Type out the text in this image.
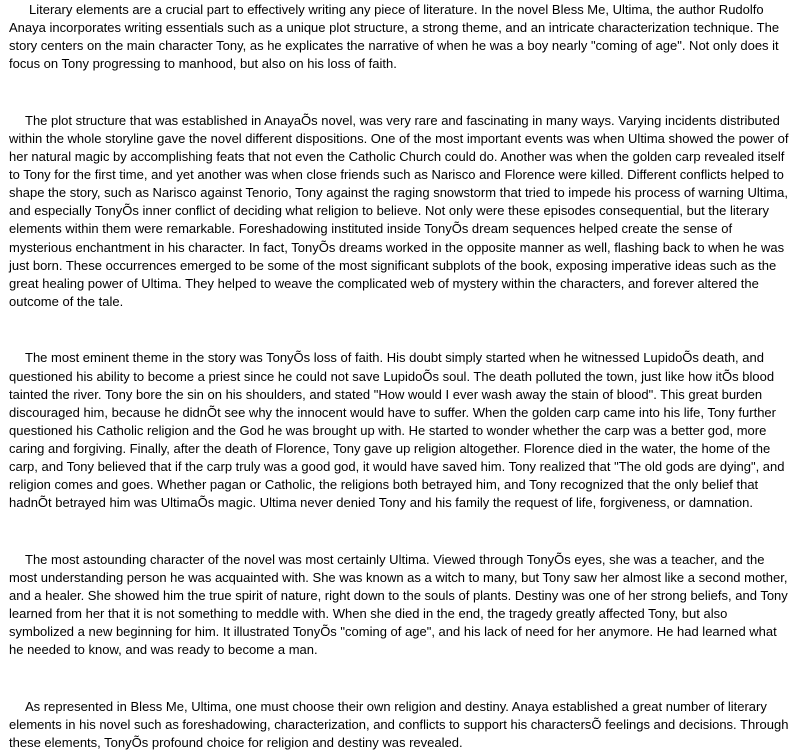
Literary elements are a crucial part to effectively writing any piece of literature. In the novel Bless Me, Ultima, the author Rudolfo Anaya incorporates writing essentials such as a unique plot structure, a strong theme, and an intricate characterization technique. The story centers on the main character Tony, as he explicates the narrative of when he was a boy nearly "coming of age". Not only does it focus on Tony progressing to manhood, but also on his loss of faith.

The plot structure that was established in AnayaÕs novel, was very rare and fascinating in many ways. Varying incidents distributed within the whole storyline gave the novel different dispositions. One of the most important events was when Ultima showed the power of her natural magic by accomplishing feats that not even the Catholic Church could do. Another was when the golden carp revealed itself to Tony for the first time, and yet another was when close friends such as Narisco and Florence were killed. Different conflicts helped to shape the story, such as Narisco against Tenorio, Tony against the raging snowstorm that tried to impede his process of warning Ultima, and especially TonyÕs inner conflict of deciding what religion to believe. Not only were these episodes consequential, but the literary elements within them were remarkable. Foreshadowing instituted inside TonyÕs dream sequences helped create the sense of mysterious enchantment in his character. In fact, TonyÕs dreams worked in the opposite manner as well, flashing back to when he was just born. These occurrences emerged to be some of the most significant subplots of the book, exposing imperative ideas such as the great healing power of Ultima. They helped to weave the complicated web of mystery within the characters, and forever altered the outcome of the tale.

The most eminent theme in the story was TonyÕs loss of faith. His doubt simply started when he witnessed LupidoÕs death, and questioned his ability to become a priest since he could not save LupidoÕs soul. The death polluted the town, just like how itÕs blood tainted the river. Tony bore the sin on his shoulders, and stated "How would I ever wash away the stain of blood". This great burden discouraged him, because he didnÕt see why the innocent would have to suffer. When the golden carp came into his life, Tony further questioned his Catholic religion and the God he was brought up with. He started to wonder whether the carp was a better god, more caring and forgiving. Finally, after the death of Florence, Tony gave up religion altogether. Florence died in the water, the home of the carp, and Tony believed that if the carp truly was a good god, it would have saved him. Tony realized that "The old gods are dying", and religion comes and goes. Whether pagan or Catholic, the religions both betrayed him, and Tony recognized that the only belief that hadnÕt betrayed him was UltimaÕs magic. Ultima never denied Tony and his family the request of life, forgiveness, or damnation.

The most astounding character of the novel was most certainly Ultima. Viewed through TonyÕs eyes, she was a teacher, and the most understanding person he was acquainted with. She was known as a witch to many, but Tony saw her almost like a second mother, and a healer. She showed him the true spirit of nature, right down to the souls of plants. Destiny was one of her strong beliefs, and Tony learned from her that it is not something to meddle with. When she died in the end, the tragedy greatly affected Tony, but also symbolized a new beginning for him. It illustrated TonyÕs "coming of age", and his lack of need for her anymore. He had learned what he needed to know, and was ready to become a man.

As represented in Bless Me, Ultima, one must choose their own religion and destiny. Anaya established a great number of literary elements in his novel such as foreshadowing, characterization, and conflicts to support his charactersÕ feelings and decisions. Through these elements, TonyÕs profound choice for religion and destiny was revealed.
